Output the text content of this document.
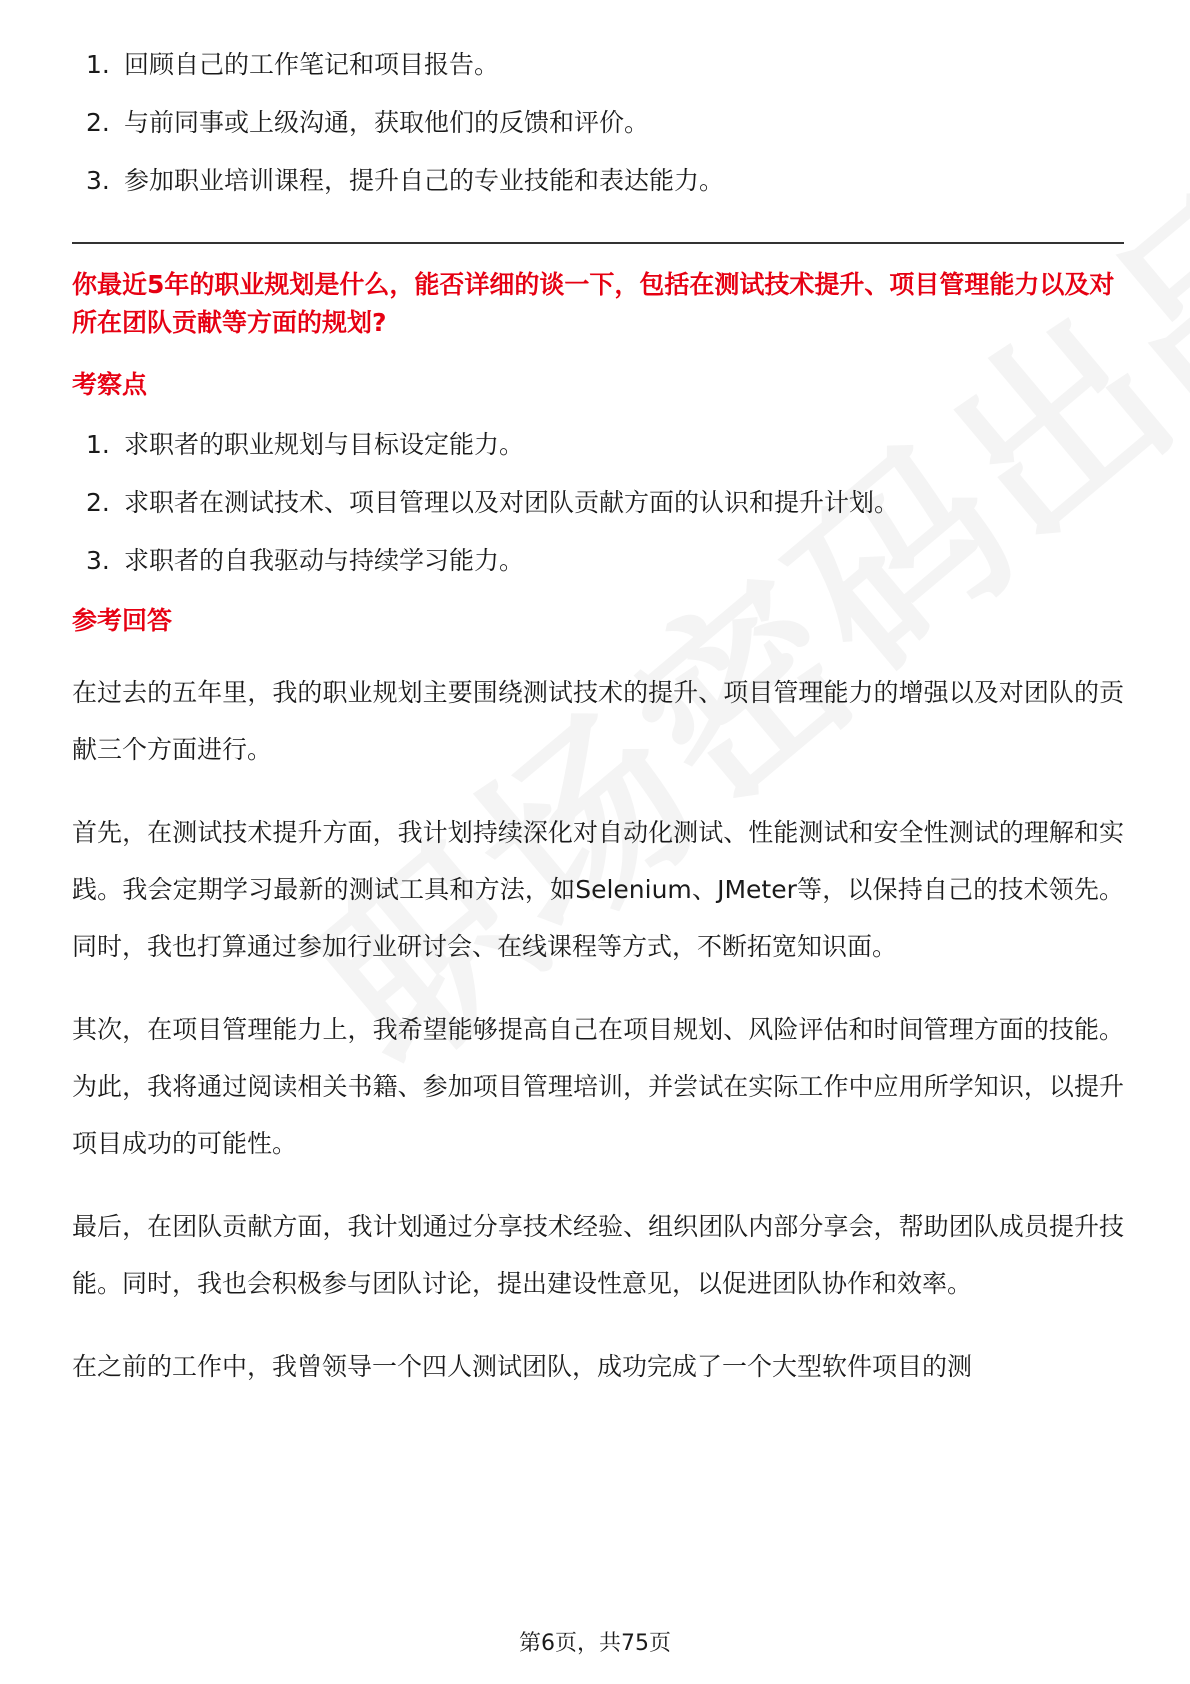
1. 回顾自己的工作笔记和项目报告。
2. 与前同事或上级沟通，获取他们的反馈和评价。
3. 参加职业培训课程，提升自己的专业技能和表达能力。
你最近5年的职业规划是什么，能否详细的谈一下，包括在测试技术提升、项目管理能力以及对所在团队贡献等方面的规划?
考察点
1. 求职者的职业规划与目标设定能力。
2. 求职者在测试技术、项目管理以及对团队贡献方面的认识和提升计划。
3. 求职者的自我驱动与持续学习能力。
参考回答

在过去的五年里，我的职业规划主要围绕测试技术的提升、项目管理能力的增强以及对团队的贡献三个方面进行。

首先，在测试技术提升方面，我计划持续深化对自动化测试、性能测试和安全性测试的理解和实践。我会定期学习最新的测试工具和方法，如Selenium、JMeter等，以保持自己的技术领先。同时，我也打算通过参加行业研讨会、在线课程等方式，不断拓宽知识面。

其次，在项目管理能力上，我希望能够提高自己在项目规划、风险评估和时间管理方面的技能。为此，我将通过阅读相关书籍、参加项目管理培训，并尝试在实际工作中应用所学知识，以提升项目成功的可能性。

最后，在团队贡献方面，我计划通过分享技术经验、组织团队内部分享会，帮助团队成员提升技能。同时，我也会积极参与团队讨论，提出建设性意见，以促进团队协作和效率。

在之前的工作中，我曾领导一个四人测试团队，成功完成了一个大型软件项目的测

第6页，共75页
